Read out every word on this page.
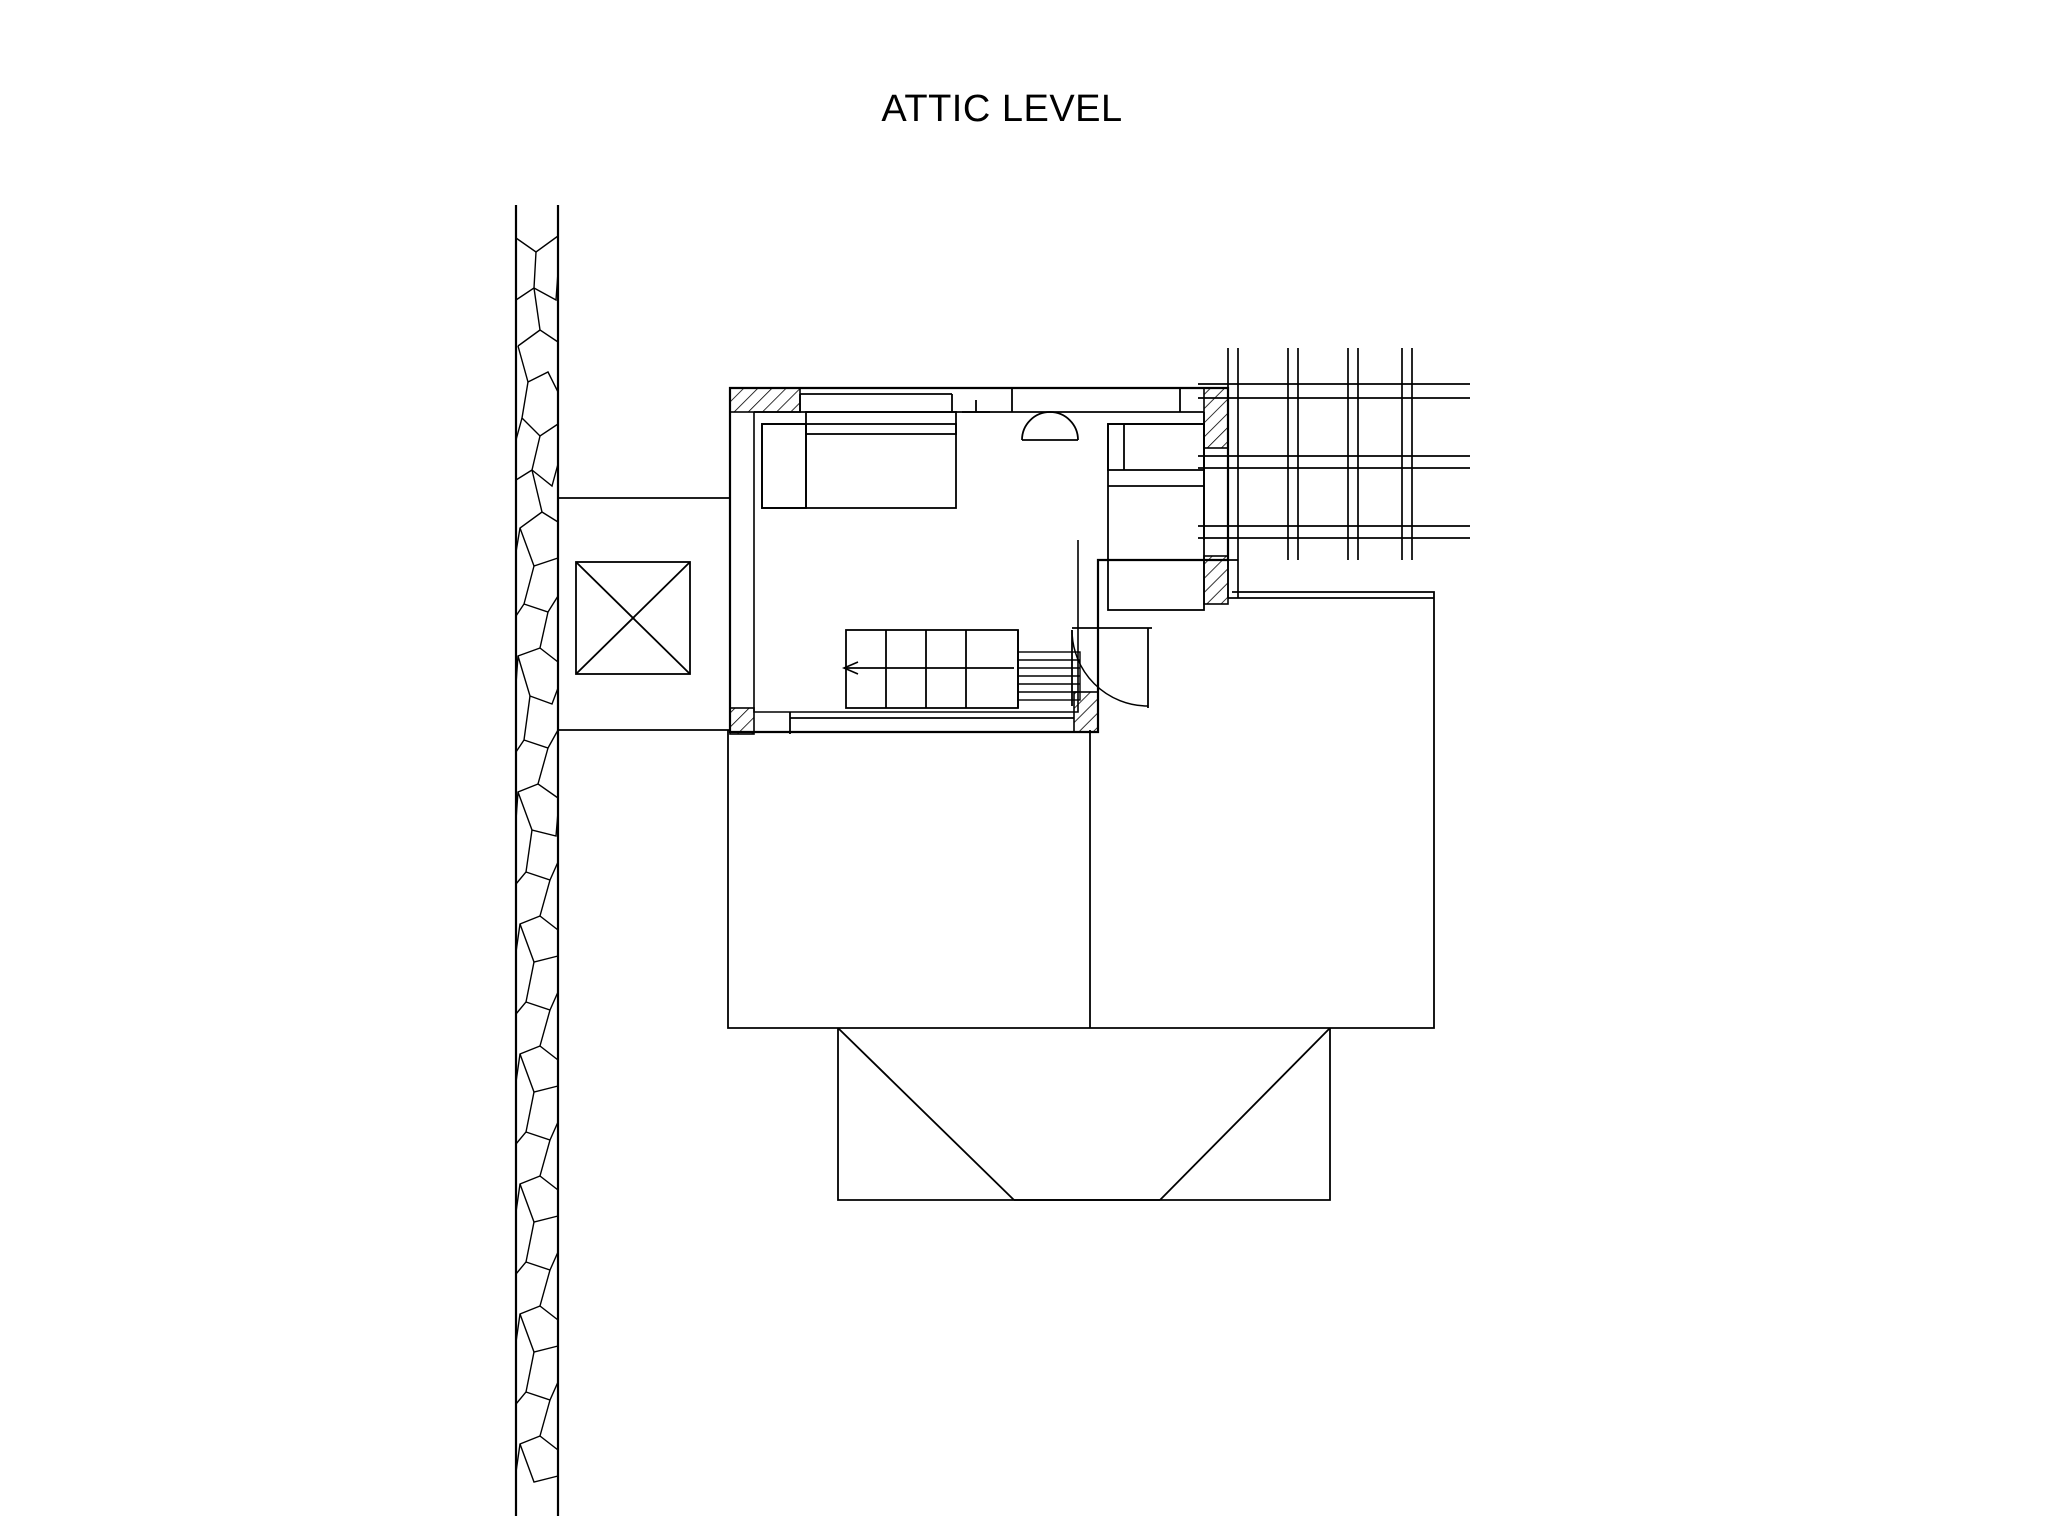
ATTIC LEVEL
